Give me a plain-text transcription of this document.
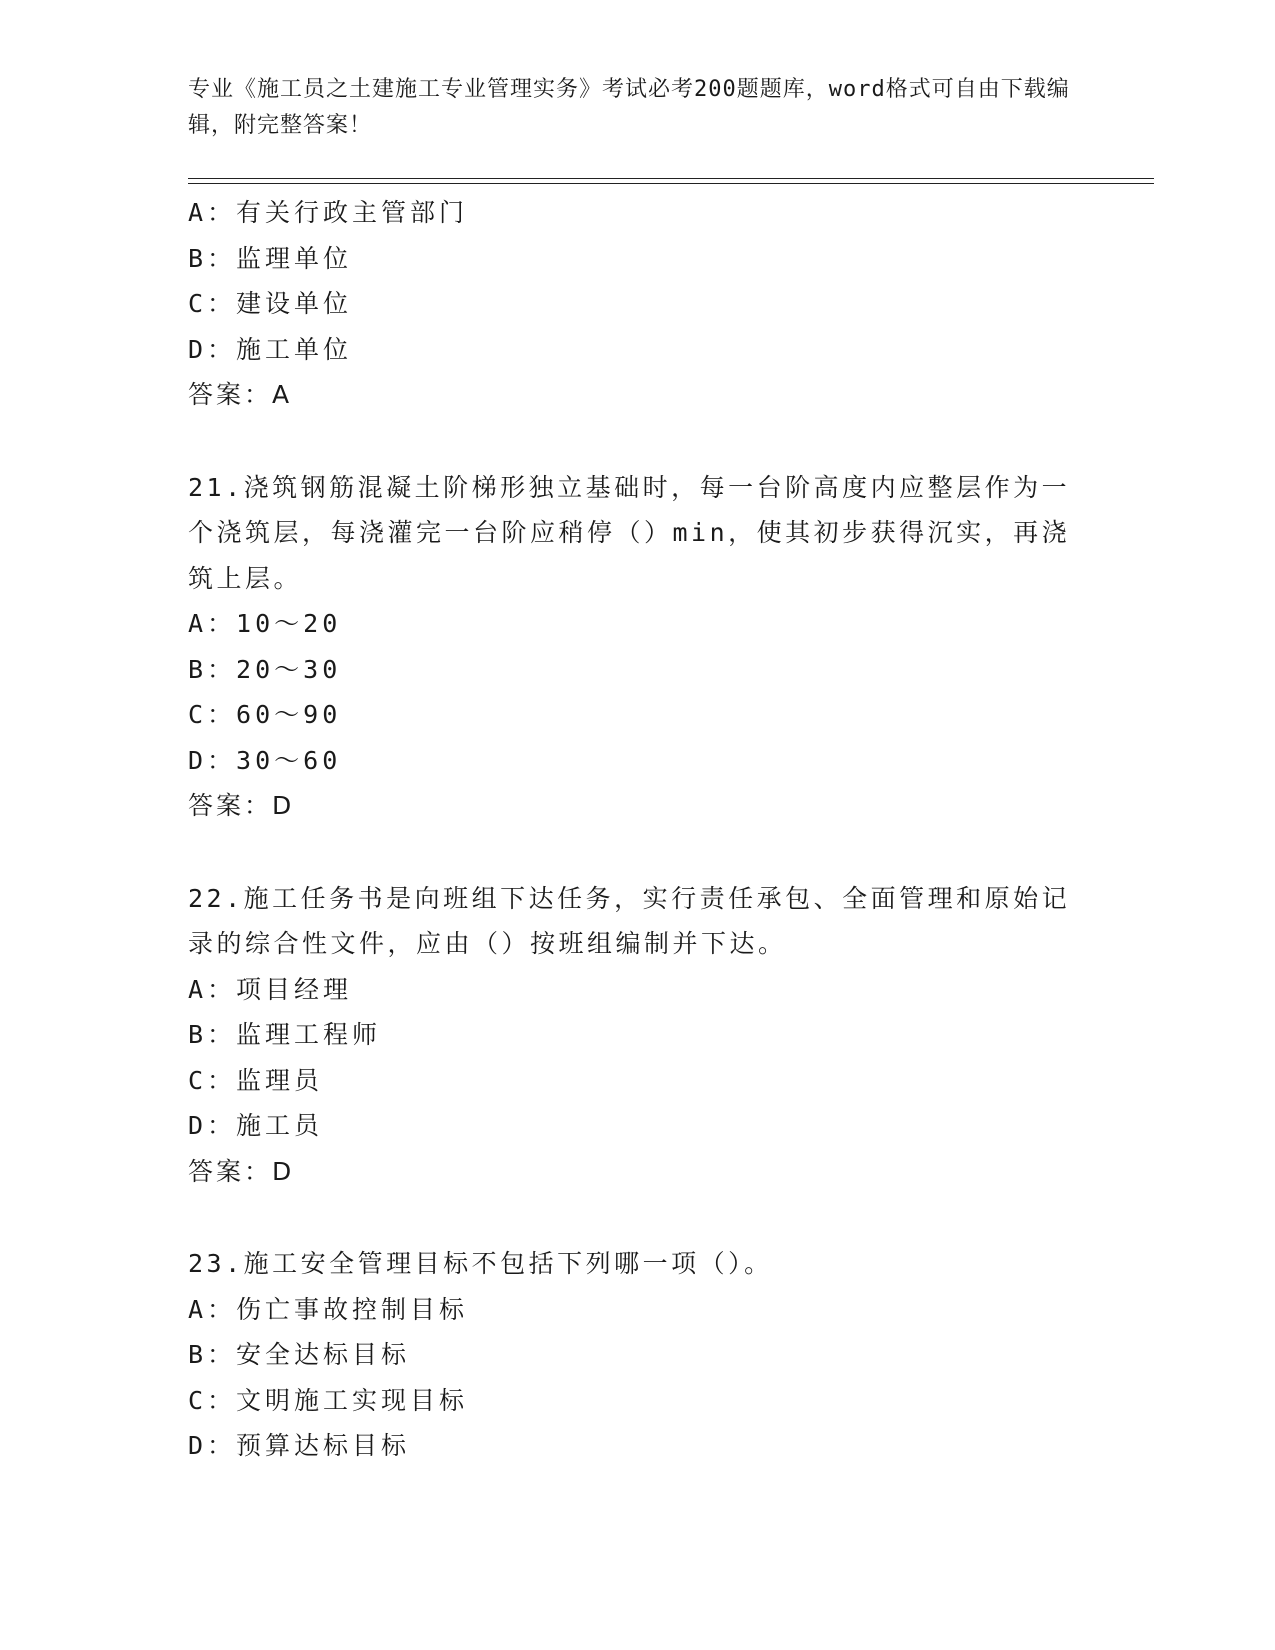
专业《施工员之土建施工专业管理实务》考试必考200题题库，word格式可自由下载编辑，附完整答案！
A：有关行政主管部门
B：监理单位
C：建设单位
D：施工单位
答案：A
21.浇筑钢筋混凝土阶梯形独立基础时，每一台阶高度内应整层作为一个浇筑层，每浇灌完一台阶应稍停（）min，使其初步获得沉实，再浇筑上层。
A：10～20
B：20～30
C：60～90
D：30～60
答案：D
22.施工任务书是向班组下达任务，实行责任承包、全面管理和原始记录的综合性文件，应由（）按班组编制并下达。
A：项目经理
B：监理工程师
C：监理员
D：施工员
答案：D
23.施工安全管理目标不包括下列哪一项（）。
A：伤亡事故控制目标
B：安全达标目标
C：文明施工实现目标
D：预算达标目标
